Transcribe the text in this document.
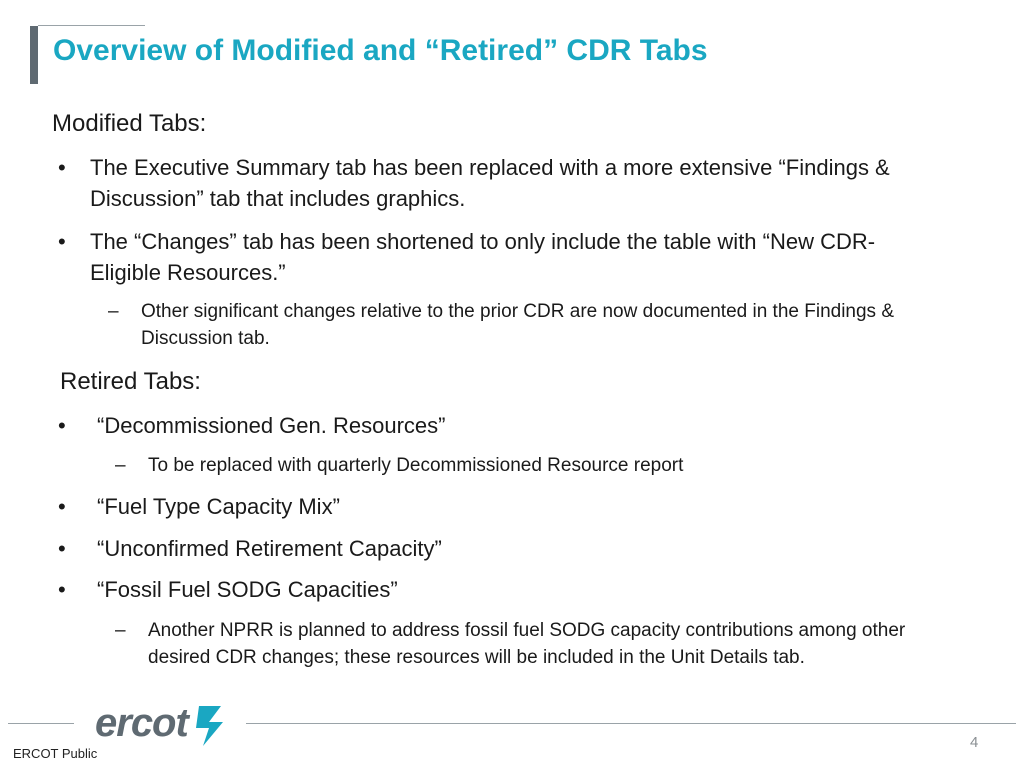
Overview of Modified and “Retired” CDR Tabs

Modified Tabs:

• The Executive Summary tab has been replaced with a more extensive “Findings & Discussion” tab that includes graphics.
• The “Changes” tab has been shortened to only include the table with “New CDR-Eligible Resources.”
– Other significant changes relative to the prior CDR are now documented in the Findings & Discussion tab.

Retired Tabs:

• “Decommissioned Gen. Resources”
– To be replaced with quarterly Decommissioned Resource report
• “Fuel Type Capacity Mix”
• “Unconfirmed Retirement Capacity”
• “Fossil Fuel SODG Capacities”
– Another NPRR is planned to address fossil fuel SODG capacity contributions among other desired CDR changes; these resources will be included in the Unit Details tab.
ercot
ERCOT Public
4
